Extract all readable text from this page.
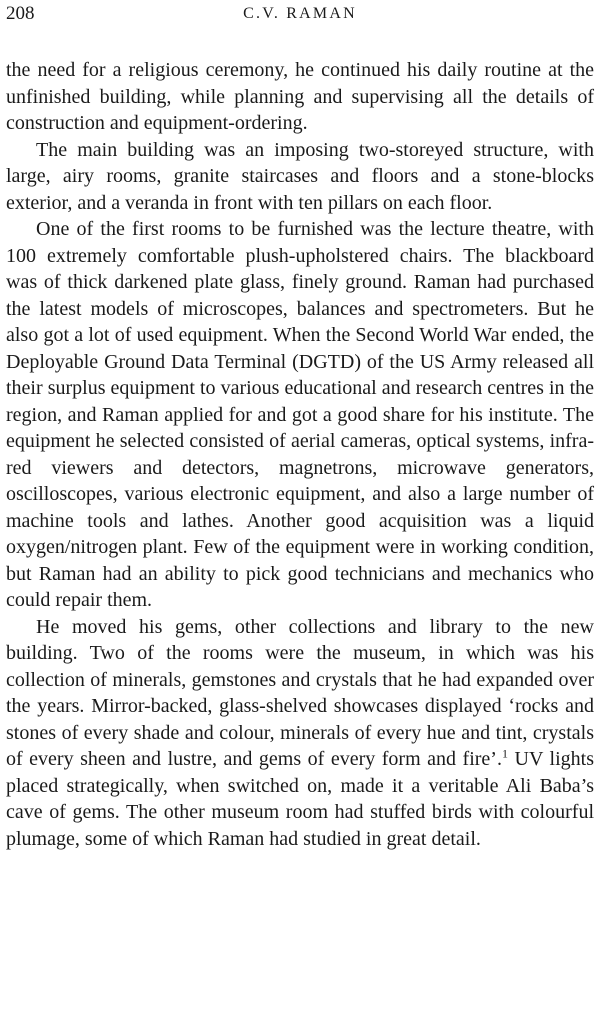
208	C.V. RAMAN

the need for a religious ceremony, he continued his daily routine at the unfinished building, while planning and supervising all the details of construction and equipment-ordering.

The main building was an imposing two-storeyed structure, with large, airy rooms, granite staircases and floors and a stone-blocks exterior, and a veranda in front with ten pillars on each floor.

One of the first rooms to be furnished was the lecture theatre, with 100 extremely comfortable plush-upholstered chairs. The blackboard was of thick darkened plate glass, finely ground. Raman had purchased the latest models of microscopes, balances and spectrometers. But he also got a lot of used equipment. When the Second World War ended, the Deployable Ground Data Terminal (DGTD) of the US Army released all their surplus equipment to various educational and research centres in the region, and Raman applied for and got a good share for his institute. The equipment he selected consisted of aerial cameras, optical systems, infra-red viewers and detectors, magnetrons, microwave generators, oscilloscopes, various electronic equipment, and also a large number of machine tools and lathes. Another good acquisition was a liquid oxygen/nitrogen plant. Few of the equipment were in working condition, but Raman had an ability to pick good technicians and mechanics who could repair them.

He moved his gems, other collections and library to the new building. Two of the rooms were the museum, in which was his collection of minerals, gemstones and crystals that he had expanded over the years. Mirror-backed, glass-shelved showcases displayed ‘rocks and stones of every shade and colour, minerals of every hue and tint, crystals of every sheen and lustre, and gems of every form and fire’.$^1$ UV lights placed strategically, when switched on, made it a veritable Ali Baba’s cave of gems. The other museum room had stuffed birds with colourful plumage, some of which Raman had studied in great detail.
